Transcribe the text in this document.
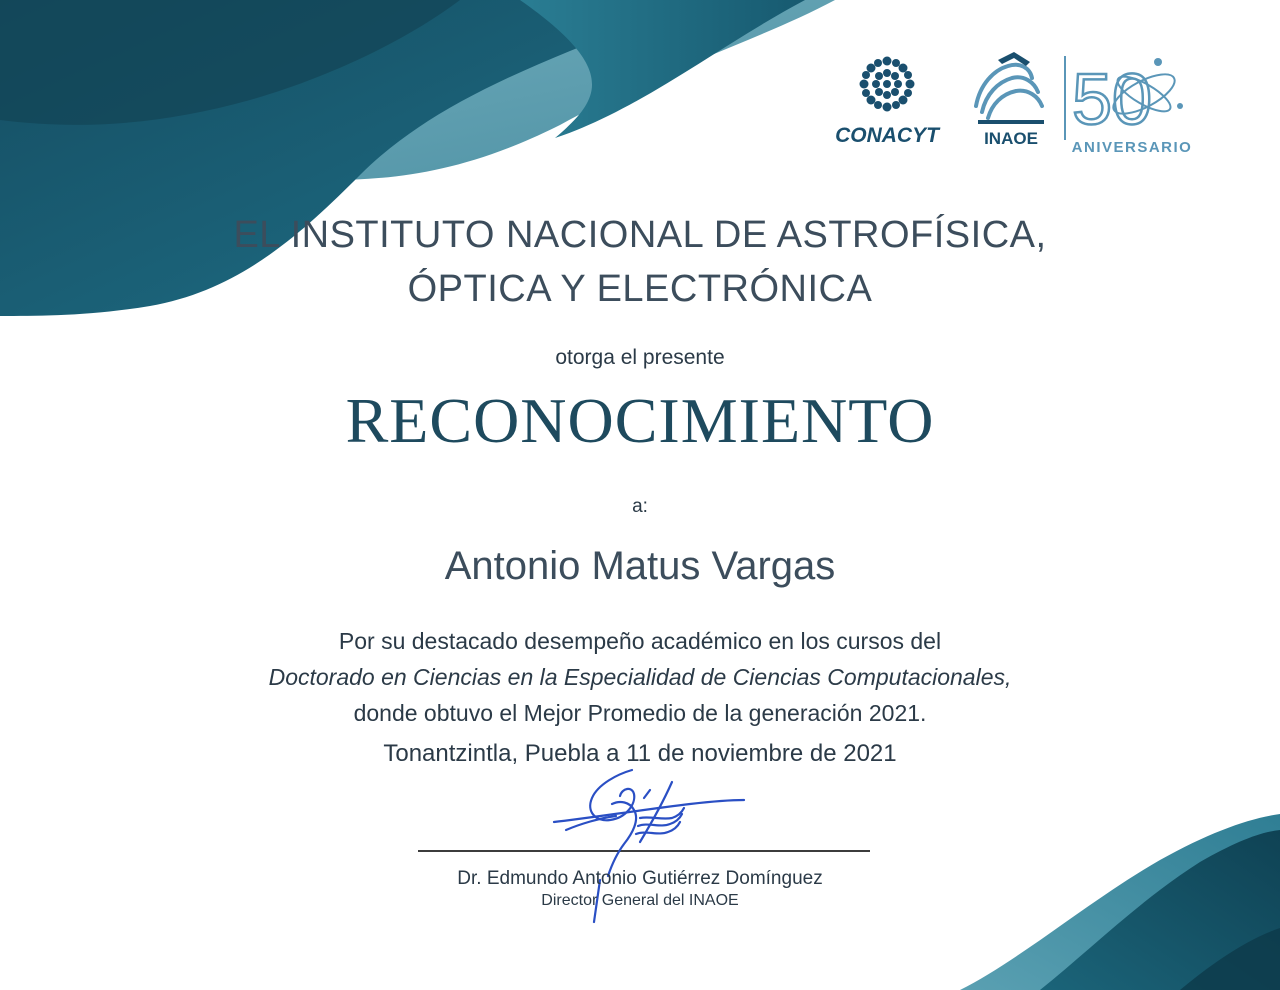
CONACYT	INAOE 50
ANIVERSARIO
EL INSTITUTO NACIONAL DE ASTROFÍSICA,
ÓPTICA Y ELECTRÓNICA
otorga el presente
RECONOCIMIENTO
a:
Antonio Matus Vargas
Por su destacado desempeño académico en los cursos del
Doctorado en Ciencias en la Especialidad de Ciencias Computacionales,
donde obtuvo el Mejor Promedio de la generación 2021.
Tonantzintla, Puebla a 11 de noviembre de 2021
Dr. Edmundo Antonio Gutiérrez Domínguez
Director General del INAOE
